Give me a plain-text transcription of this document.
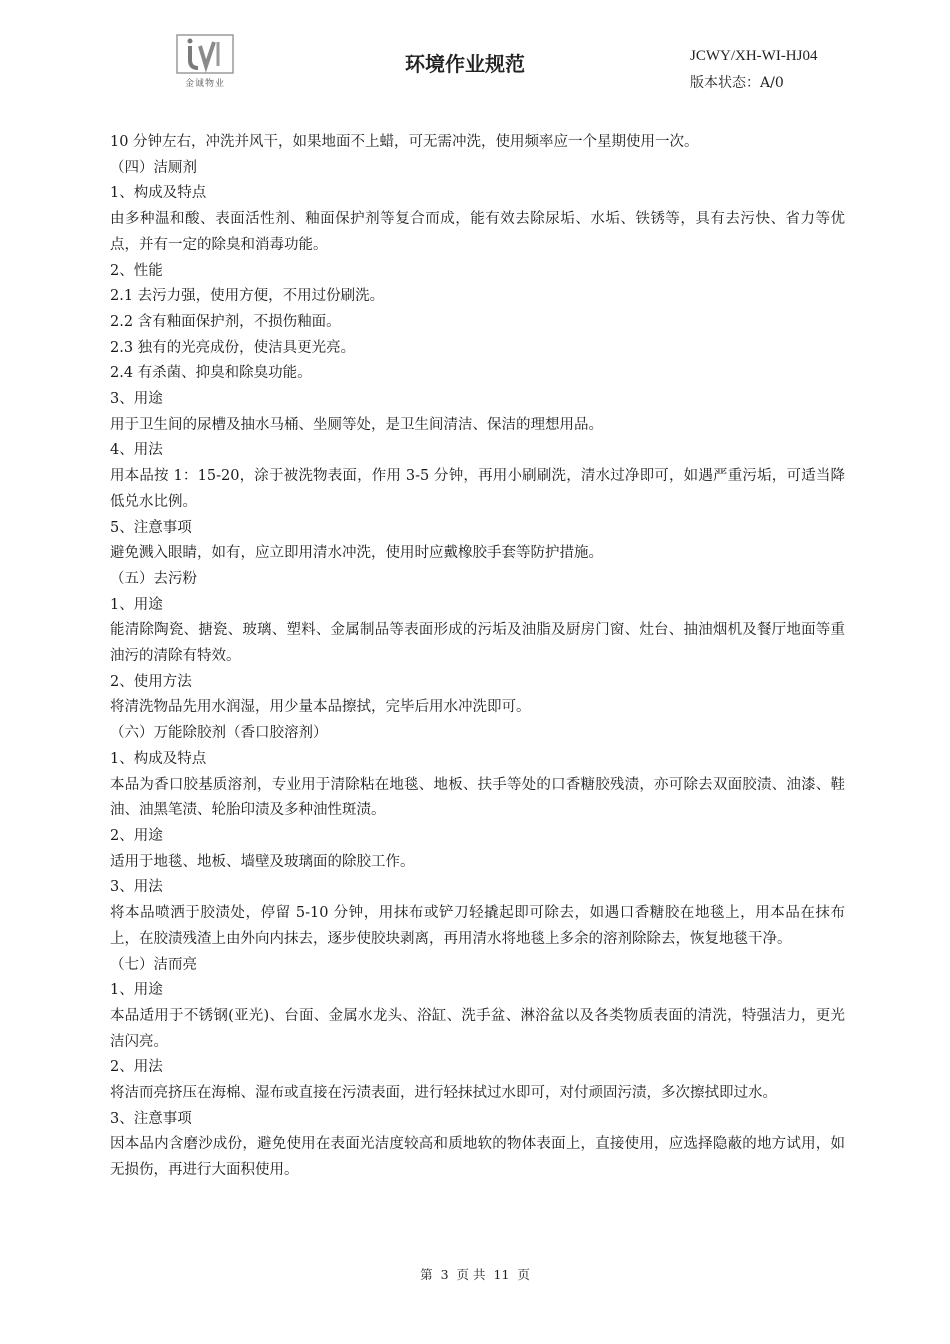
金诚物业
环境作业规范	JCWY/XH-WI-HJ04
版本状态：A/0
10 分钟左右，冲洗并风干，如果地面不上蜡，可无需冲洗，使用频率应一个星期使用一次。
（四）洁厕剂
1、构成及特点
由多种温和酸、表面活性剂、釉面保护剂等复合而成，能有效去除尿垢、水垢、铁锈等，具有去污快、省力等优点，并有一定的除臭和消毒功能。
2、性能
2.1 去污力强，使用方便，不用过份刷洗。
2.2 含有釉面保护剂，不损伤釉面。
2.3 独有的光亮成份，使洁具更光亮。
2.4 有杀菌、抑臭和除臭功能。
3、用途
用于卫生间的尿槽及抽水马桶、坐厕等处，是卫生间清洁、保洁的理想用品。
4、用法
用本品按 1：15-20，涂于被洗物表面，作用 3-5 分钟，再用小刷刷洗，清水过净即可，如遇严重污垢，可适当降低兑水比例。
5、注意事项
避免溅入眼睛，如有，应立即用清水冲洗，使用时应戴橡胶手套等防护措施。
（五）去污粉
1、用途
能清除陶瓷、搪瓷、玻璃、塑料、金属制品等表面形成的污垢及油脂及厨房门窗、灶台、抽油烟机及餐厅地面等重油污的清除有特效。
2、使用方法
将清洗物品先用水润湿，用少量本品擦拭，完毕后用水冲洗即可。
（六）万能除胶剂（香口胶溶剂）
1、构成及特点
本品为香口胶基质溶剂，专业用于清除粘在地毯、地板、扶手等处的口香糖胶残渍，亦可除去双面胶渍、油漆、鞋油、油黑笔渍、轮胎印渍及多种油性斑渍。
2、用途
适用于地毯、地板、墙壁及玻璃面的除胶工作。
3、用法
将本品喷洒于胶渍处，停留 5-10 分钟，用抹布或铲刀轻撬起即可除去，如遇口香糖胶在地毯上，用本品在抹布上，在胶渍残渣上由外向内抹去，逐步使胶块剥离，再用清水将地毯上多余的溶剂除除去，恢复地毯干净。
（七）洁而亮
1、用途
本品适用于不锈钢(亚光)、台面、金属水龙头、浴缸、洗手盆、淋浴盆以及各类物质表面的清洗，特强洁力，更光洁闪亮。
2、用法
将洁而亮挤压在海棉、湿布或直接在污渍表面，进行轻抹拭过水即可，对付顽固污渍，多次擦拭即过水。
3、注意事项
因本品内含磨沙成份，避免使用在表面光洁度较高和质地软的物体表面上，直接使用，应选择隐蔽的地方试用，如无损伤，再进行大面积使用。
第 3 页 共 11 页
